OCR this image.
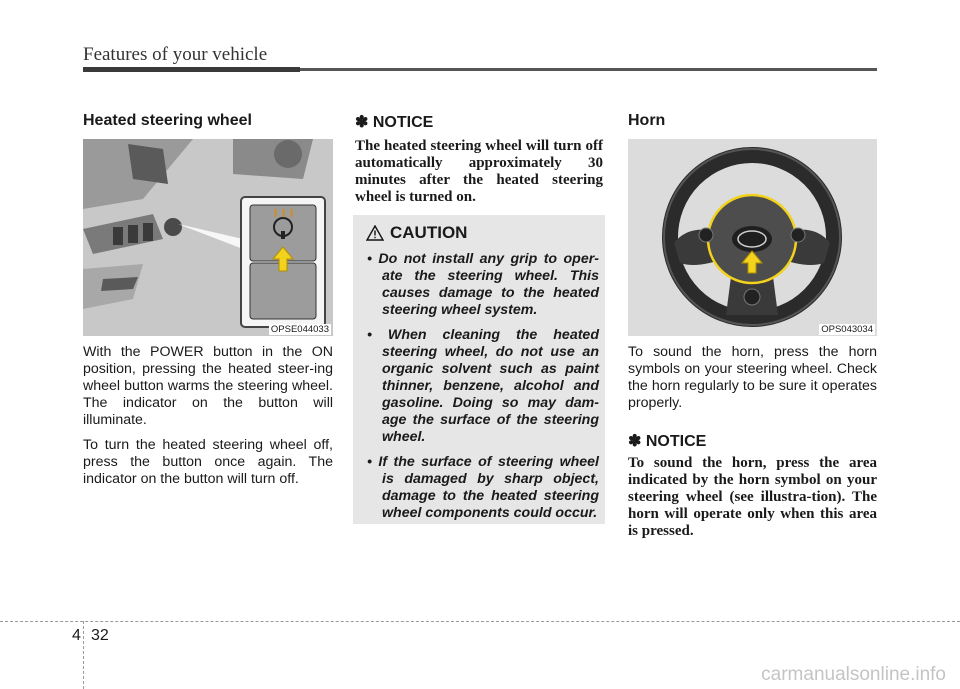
Features of your vehicle
Heated steering wheel
OPSE044033

With the POWER button in the ON position, pressing the heated steer-ing wheel button warms the steering wheel. The indicator on the button will illuminate.

To turn the heated steering wheel off, press the button once again. The indicator on the button will turn off.

✽ NOTICE
The heated steering wheel will turn off automatically approximately 30 minutes after the heated steering wheel is turned on.
CAUTION
• Do not install any grip to oper-ate the steering wheel. This causes damage to the heated steering wheel system.
• When cleaning the heated steering wheel, do not use an organic solvent such as paint thinner, benzene, alcohol and gasoline. Doing so may dam-age the surface of the steering wheel.
• If the surface of steering wheel is damaged by sharp object, damage to the heated steering wheel components could occur.
Horn
OPS043034
To sound the horn, press the horn symbols on your steering wheel. Check the horn regularly to be sure it operates properly.
✽ NOTICE
To sound the horn, press the area indicated by the horn symbol on your steering wheel (see illustra-tion). The horn will operate only when this area is pressed.
4 32
carmanualsonline.info
